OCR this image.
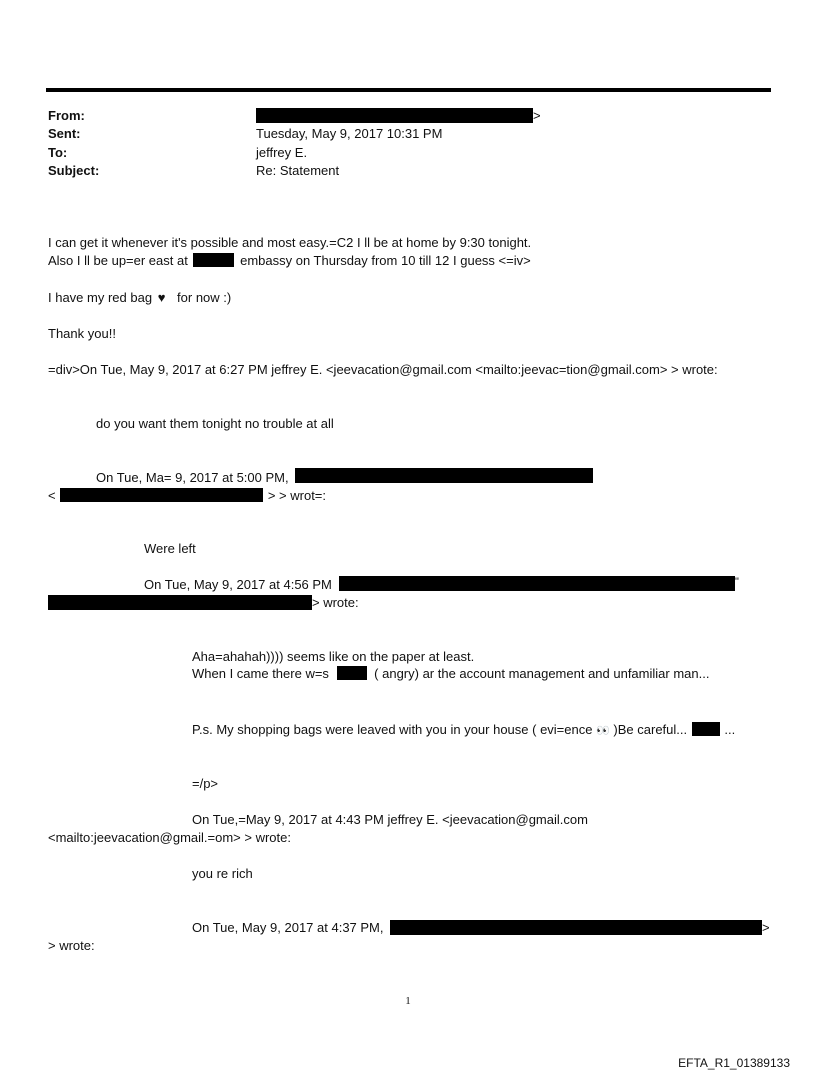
From:	>
Sent:	Tuesday, May 9, 2017 10:31 PM
To:	jeffrey E.
Subject:	Re: Statement
I can get it whenever it's possible and most easy.=C2 I ll be at home by 9:30 tonight.
Also I ll be up=er east at	embassy on Thursday from 10 till 12 I guess <=iv>
I have my red bag ♥ for now :)
Thank you!!
=div>On Tue, May 9, 2017 at 6:27 PM jeffrey E. <jeevacation@gmail.com <mailto:jeevac=tion@gmail.com> > wrote:
do you want them tonight no trouble at all
On Tue, Ma= 9, 2017 at 5:00 PM,
<	> > wrot=:
Were left
On Tue, May 9, 2017 at 4:56 PM	"
> wrote:
Aha=ahahah)))) seems like on the paper at least.
When I came there w=s	( angry) ar the account management and unfamiliar man...
P.s. My shopping bags were leaved with you in your house ( evi=ence 👀 )Be careful...	...
=/p>
On Tue,=May 9, 2017 at 4:43 PM jeffrey E. <jeevacation@gmail.com
<mailto:jeevacation@gmail.=om> > wrote:
you re rich
On Tue, May 9, 2017 at 4:37 PM,	>
> wrote:
1
EFTA_R1_01389133
